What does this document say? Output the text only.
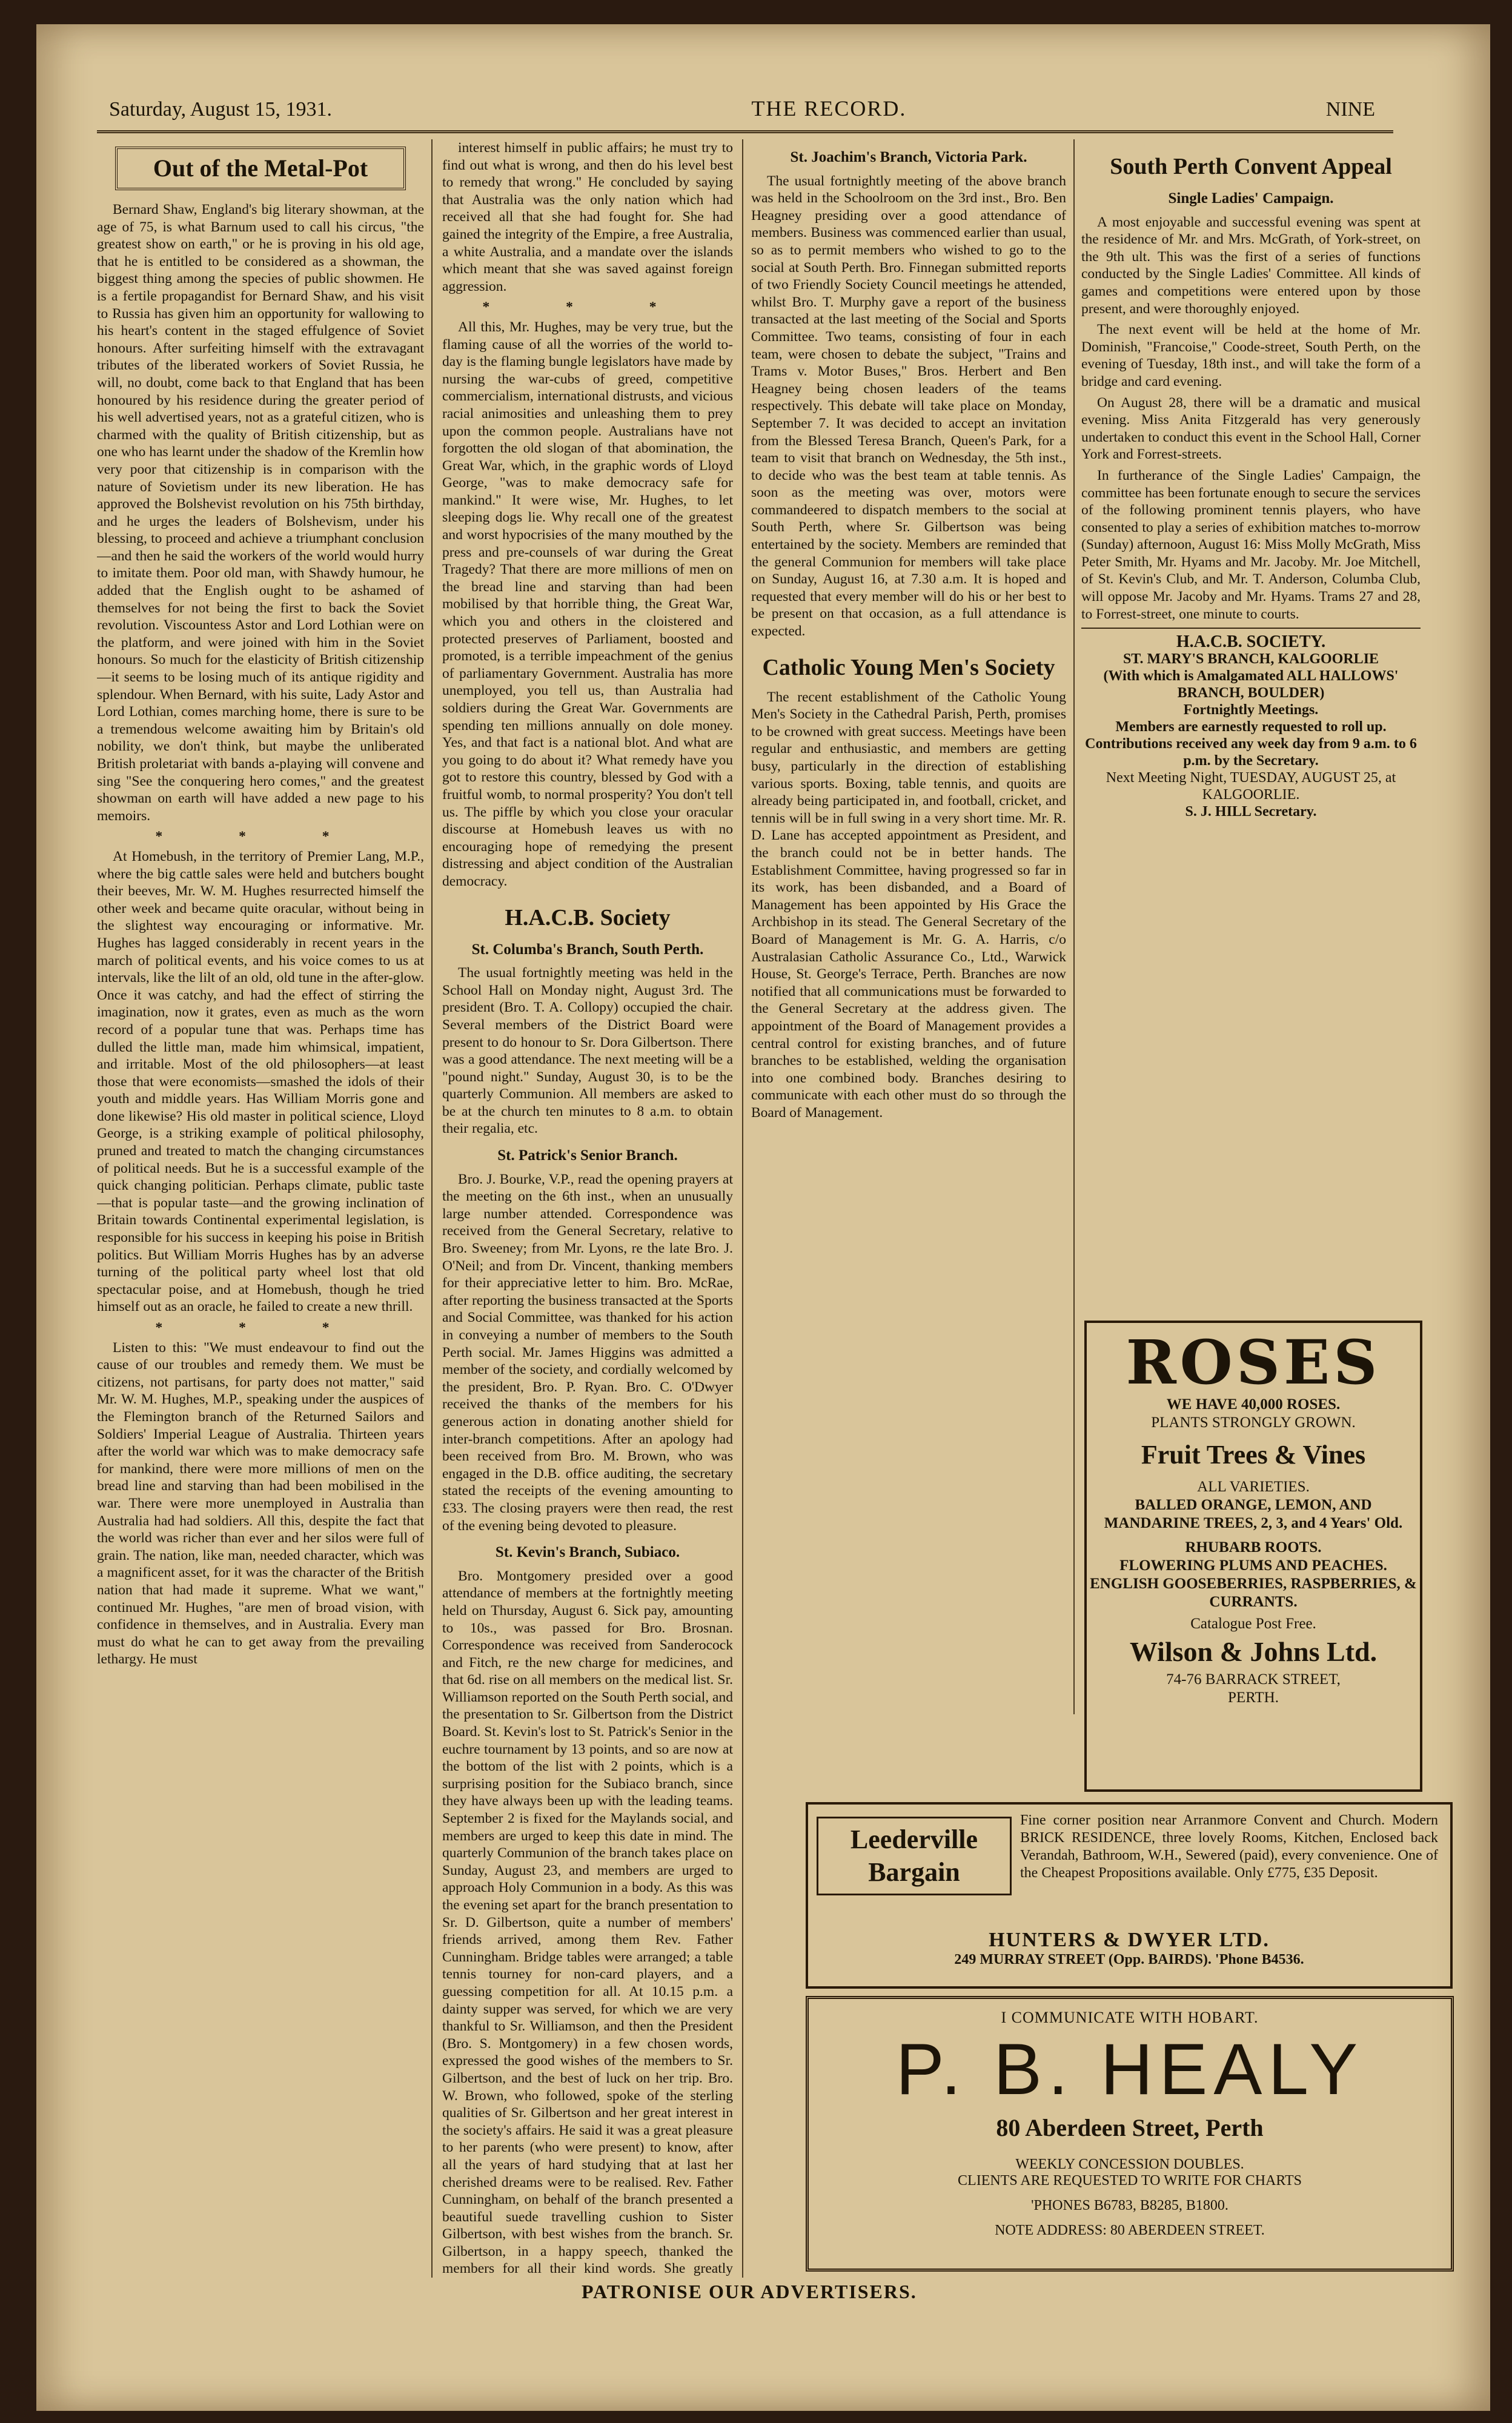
Saturday, August 15, 1931.	THE RECORD.	NINE
Out of the Metal-Pot

Bernard Shaw, England's big literary showman, at the age of 75, is what Barnum used to call his circus, "the greatest show on earth," or he is proving in his old age, that he is entitled to be considered as a showman, the biggest thing among the species of public showmen. He is a fertile propagandist for Bernard Shaw, and his visit to Russia has given him an opportunity for wallowing to his heart's content in the staged effulgence of Soviet honours. After surfeiting himself with the extravagant tributes of the liberated workers of Soviet Russia, he will, no doubt, come back to that England that has been honoured by his residence during the greater period of his well advertised years, not as a grateful citizen, who is charmed with the quality of British citizenship, but as one who has learnt under the shadow of the Kremlin how very poor that citizenship is in comparison with the nature of Sovietism under its new liberation. He has approved the Bolshevist revolution on his 75th birthday, and he urges the leaders of Bolshevism, under his blessing, to proceed and achieve a triumphant conclusion—and then he said the workers of the world would hurry to imitate them. Poor old man, with Shawdy humour, he added that the English ought to be ashamed of themselves for not being the first to back the Soviet revolution. Viscountess Astor and Lord Lothian were on the platform, and were joined with him in the Soviet honours. So much for the elasticity of British citizenship—it seems to be losing much of its antique rigidity and splendour. When Bernard, with his suite, Lady Astor and Lord Lothian, comes marching home, there is sure to be a tremendous welcome awaiting him by Britain's old nobility, we don't think, but maybe the unliberated British proletariat with bands a-playing will convene and sing "See the conquering hero comes," and the greatest showman on earth will have added a new page to his memoirs.

* * *

At Homebush, in the territory of Premier Lang, M.P., where the big cattle sales were held and butchers bought their beeves, Mr. W. M. Hughes resurrected himself the other week and became quite oracular, without being in the slightest way encouraging or informative. Mr. Hughes has lagged considerably in recent years in the march of political events, and his voice comes to us at intervals, like the lilt of an old, old tune in the after-glow. Once it was catchy, and had the effect of stirring the imagination, now it grates, even as much as the worn record of a popular tune that was. Perhaps time has dulled the little man, made him whimsical, impatient, and irritable. Most of the old philosophers—at least those that were economists—smashed the idols of their youth and middle years. Has William Morris gone and done likewise? His old master in political science, Lloyd George, is a striking example of political philosophy, pruned and treated to match the changing circumstances of political needs. But he is a successful example of the quick changing politician. Perhaps climate, public taste—that is popular taste—and the growing inclination of Britain towards Continental experimental legislation, is responsible for his success in keeping his poise in British politics. But William Morris Hughes has by an adverse turning of the political party wheel lost that old spectacular poise, and at Homebush, though he tried himself out as an oracle, he failed to create a new thrill.

* * *

Listen to this: "We must endeavour to find out the cause of our troubles and remedy them. We must be citizens, not partisans, for party does not matter," said Mr. W. M. Hughes, M.P., speaking under the auspices of the Flemington branch of the Returned Sailors and Soldiers' Imperial League of Australia. Thirteen years after the world war which was to make democracy safe for mankind, there were more millions of men on the bread line and starving than had been mobilised in the war. There were more unemployed in Australia than Australia had had soldiers. All this, despite the fact that the world was richer than ever and her silos were full of grain. The nation, like man, needed character, which was a magnificent asset, for it was the character of the British nation that had made it supreme. What we want," continued Mr. Hughes, "are men of broad vision, with confidence in themselves, and in Australia. Every man must do what he can to get away from the prevailing lethargy. He must

interest himself in public affairs; he must try to find out what is wrong, and then do his level best to remedy that wrong." He concluded by saying that Australia was the only nation which had received all that she had fought for. She had gained the integrity of the Empire, a free Australia, a white Australia, and a mandate over the islands which meant that she was saved against foreign aggression.

* * *

All this, Mr. Hughes, may be very true, but the flaming cause of all the worries of the world to-day is the flaming bungle legislators have made by nursing the war-cubs of greed, competitive commercialism, international distrusts, and vicious racial animosities and unleashing them to prey upon the common people. Australians have not forgotten the old slogan of that abomination, the Great War, which, in the graphic words of Lloyd George, "was to make democracy safe for mankind." It were wise, Mr. Hughes, to let sleeping dogs lie. Why recall one of the greatest and worst hypocrisies of the many mouthed by the press and pre-counsels of war during the Great Tragedy? That there are more millions of men on the bread line and starving than had been mobilised by that horrible thing, the Great War, which you and others in the cloistered and protected preserves of Parliament, boosted and promoted, is a terrible impeachment of the genius of parliamentary Government. Australia has more unemployed, you tell us, than Australia had soldiers during the Great War. Governments are spending ten millions annually on dole money. Yes, and that fact is a national blot. And what are you going to do about it? What remedy have you got to restore this country, blessed by God with a fruitful womb, to normal prosperity? You don't tell us. The piffle by which you close your oracular discourse at Homebush leaves us with no encouraging hope of remedying the present distressing and abject condition of the Australian democracy.

H.A.C.B. Society
St. Columba's Branch, South Perth.

The usual fortnightly meeting was held in the School Hall on Monday night, August 3rd. The president (Bro. T. A. Collopy) occupied the chair. Several members of the District Board were present to do honour to Sr. Dora Gilbertson. There was a good attendance. The next meeting will be a "pound night." Sunday, August 30, is to be the quarterly Communion. All members are asked to be at the church ten minutes to 8 a.m. to obtain their regalia, etc.

St. Patrick's Senior Branch.

Bro. J. Bourke, V.P., read the opening prayers at the meeting on the 6th inst., when an unusually large number attended. Correspondence was received from the General Secretary, relative to Bro. Sweeney; from Mr. Lyons, re the late Bro. J. O'Neil; and from Dr. Vincent, thanking members for their appreciative letter to him. Bro. McRae, after reporting the business transacted at the Sports and Social Committee, was thanked for his action in conveying a number of members to the South Perth social. Mr. James Higgins was admitted a member of the society, and cordially welcomed by the president, Bro. P. Ryan. Bro. C. O'Dwyer received the thanks of the members for his generous action in donating another shield for inter-branch competitions. After an apology had been received from Bro. M. Brown, who was engaged in the D.B. office auditing, the secretary stated the receipts of the evening amounting to £33. The closing prayers were then read, the rest of the evening being devoted to pleasure.

St. Kevin's Branch, Subiaco.

Bro. Montgomery presided over a good attendance of members at the fortnightly meeting held on Thursday, August 6. Sick pay, amounting to 10s., was passed for Bro. Brosnan. Correspondence was received from Sanderocock and Fitch, re the new charge for medicines, and that 6d. rise on all members on the medical list. Sr. Williamson reported on the South Perth social, and the presentation to Sr. Gilbertson from the District Board. St. Kevin's lost to St. Patrick's Senior in the euchre tournament by 13 points, and so are now at the bottom of the list with 2 points, which is a surprising position for the Subiaco branch, since they have always been up with the leading teams. September 2 is fixed for the Maylands social, and members are urged to keep this date in mind. The quarterly Communion of the branch takes place on Sunday, August 23, and members are urged to approach Holy Communion in a body. As this was the evening set apart for the branch presentation to Sr. D. Gilbertson, quite a number of members' friends arrived, among them Rev. Father Cunningham. Bridge tables were arranged; a table tennis tourney for non-card players, and a guessing competition for all. At 10.15 p.m. a dainty supper was served, for which we are very thankful to Sr. Williamson, and then the President (Bro. S. Montgomery) in a few chosen words, expressed the good wishes of the members to Sr. Gilbertson, and the best of luck on her trip. Bro. W. Brown, who followed, spoke of the sterling qualities of Sr. Gilbertson and her great interest in the society's affairs. He said it was a great pleasure to her parents (who were present) to know, after all the years of hard studying that at last her cherished dreams were to be realised. Rev. Father Cunningham, on behalf of the branch presented a beautiful suede travelling cushion to Sister Gilbertson, with best wishes from the branch. Sr. Gilbertson, in a happy speech, thanked the members for all their kind words. She greatly

St. Joachim's Branch, Victoria Park.

The usual fortnightly meeting of the above branch was held in the Schoolroom on the 3rd inst., Bro. Ben Heagney presiding over a good attendance of members. Business was commenced earlier than usual, so as to permit members who wished to go to the social at South Perth. Bro. Finnegan submitted reports of two Friendly Society Council meetings he attended, whilst Bro. T. Murphy gave a report of the business transacted at the last meeting of the Social and Sports Committee. Two teams, consisting of four in each team, were chosen to debate the subject, "Trains and Trams v. Motor Buses," Bros. Herbert and Ben Heagney being chosen leaders of the teams respectively. This debate will take place on Monday, September 7. It was decided to accept an invitation from the Blessed Teresa Branch, Queen's Park, for a team to visit that branch on Wednesday, the 5th inst., to decide who was the best team at table tennis. As soon as the meeting was over, motors were commandeered to dispatch members to the social at South Perth, where Sr. Gilbertson was being entertained by the society. Members are reminded that the general Communion for members will take place on Sunday, August 16, at 7.30 a.m. It is hoped and requested that every member will do his or her best to be present on that occasion, as a full attendance is expected.

Catholic Young Men's Society

The recent establishment of the Catholic Young Men's Society in the Cathedral Parish, Perth, promises to be crowned with great success. Meetings have been regular and enthusiastic, and members are getting busy, particularly in the direction of establishing various sports. Boxing, table tennis, and quoits are already being participated in, and football, cricket, and tennis will be in full swing in a very short time. Mr. R. D. Lane has accepted appointment as President, and the branch could not be in better hands. The Establishment Committee, having progressed so far in its work, has been disbanded, and a Board of Management has been appointed by His Grace the Archbishop in its stead. The General Secretary of the Board of Management is Mr. G. A. Harris, c/o Australasian Catholic Assurance Co., Ltd., Warwick House, St. George's Terrace, Perth. Branches are now notified that all communications must be forwarded to the General Secretary at the address given. The appointment of the Board of Management provides a central control for existing branches, and of future branches to be established, welding the organisation into one combined body. Branches desiring to communicate with each other must do so through the Board of Management.

South Perth Convent Appeal
Single Ladies' Campaign.

A most enjoyable and successful evening was spent at the residence of Mr. and Mrs. McGrath, of York-street, on the 9th ult. This was the first of a series of functions conducted by the Single Ladies' Committee. All kinds of games and competitions were entered upon by those present, and were thoroughly enjoyed.

The next event will be held at the home of Mr. Dominish, "Francoise," Coode-street, South Perth, on the evening of Tuesday, 18th inst., and will take the form of a bridge and card evening.

On August 28, there will be a dramatic and musical evening. Miss Anita Fitzgerald has very generously undertaken to conduct this event in the School Hall, Corner York and Forrest-streets.

In furtherance of the Single Ladies' Campaign, the committee has been fortunate enough to secure the services of the following prominent tennis players, who have consented to play a series of exhibition matches to-morrow (Sunday) afternoon, August 16: Miss Molly McGrath, Miss Peter Smith, Mr. Hyams and Mr. Jacoby. Mr. Joe Mitchell, of St. Kevin's Club, and Mr. T. Anderson, Columba Club, will oppose Mr. Jacoby and Mr. Hyams. Trams 27 and 28, to Forrest-street, one minute to courts.

H.A.C.B. SOCIETY.
ST. MARY'S BRANCH, KALGOORLIE
(With which is Amalgamated ALL HALLOWS' BRANCH, BOULDER)
Fortnightly Meetings.
Members are earnestly requested to roll up.
Contributions received any week day from 9 a.m. to 6 p.m. by the Secretary.
Next Meeting Night, TUESDAY, AUGUST 25, at KALGOORLIE.
S. J. HILL Secretary.
ROSES
WE HAVE 40,000 ROSES.
PLANTS STRONGLY GROWN.
Fruit Trees & Vines
ALL VARIETIES.
BALLED ORANGE, LEMON, AND MANDARINE TREES, 2, 3, and 4 Years' Old.
RHUBARB ROOTS.
FLOWERING PLUMS AND PEACHES.
ENGLISH GOOSEBERRIES, RASPBERRIES, & CURRANTS.
Catalogue Post Free.
Wilson & Johns Ltd.
74-76 BARRACK STREET,
PERTH.
Leederville Bargain
Fine corner position near Arranmore Convent and Church. Modern BRICK RESIDENCE, three lovely Rooms, Kitchen, Enclosed back Verandah, Bathroom, W.H., Sewered (paid), every convenience. One of the Cheapest Propositions available. Only £775, £35 Deposit.
HUNTERS & DWYER LTD.
249 MURRAY STREET (Opp. BAIRDS). 'Phone B4536.
I COMMUNICATE WITH HOBART.
P. B. HEALY
80 Aberdeen Street, Perth
WEEKLY CONCESSION DOUBLES.
CLIENTS ARE REQUESTED TO WRITE FOR CHARTS
'PHONES B6783, B8285, B1800.
NOTE ADDRESS: 80 ABERDEEN STREET.
PATRONISE OUR ADVERTISERS.
